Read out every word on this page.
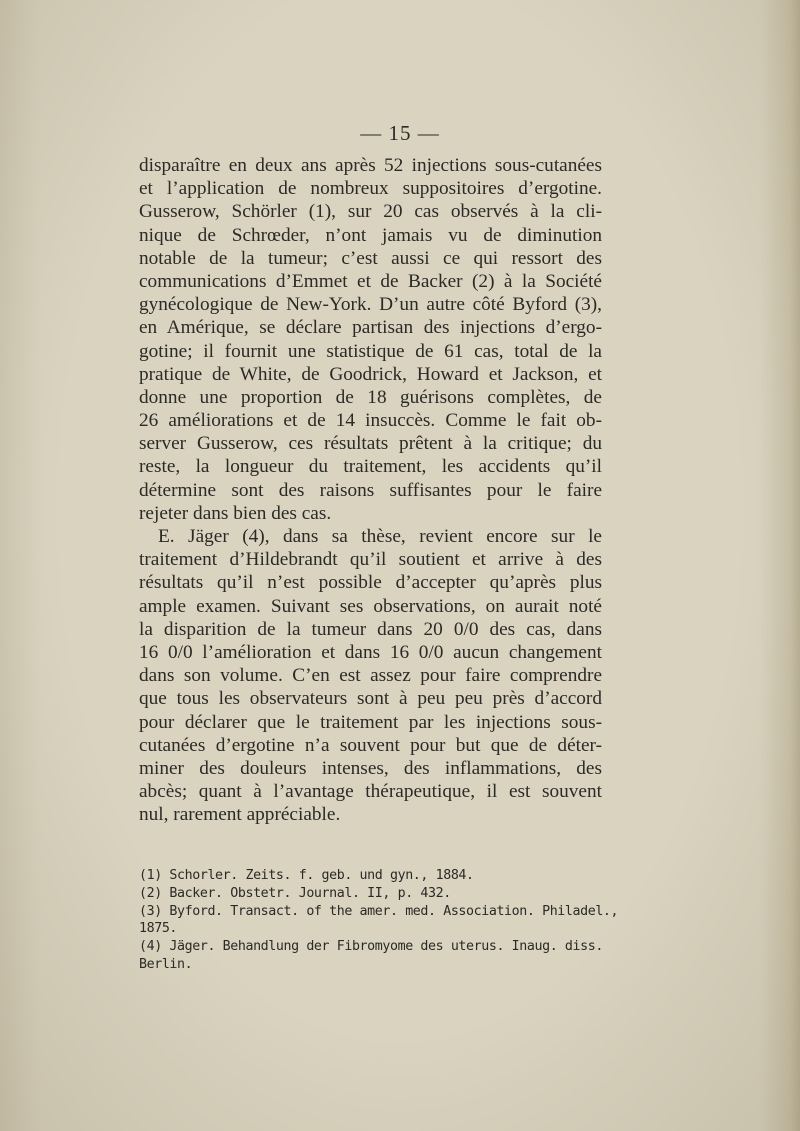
— 15 —

disparaître en deux ans après 52 injections sous-cutanées
et l’application de nombreux suppositoires d’ergotine.
Gusserow, Schörler (1), sur 20 cas observés à la cli-
nique de Schrœder, n’ont jamais vu de diminution
notable de la tumeur; c’est aussi ce qui ressort des
communications d’Emmet et de Backer (2) à la Société
gynécologique de New-York. D’un autre côté Byford (3),
en Amérique, se déclare partisan des injections d’ergo-
gotine; il fournit une statistique de 61 cas, total de la
pratique de White, de Goodrick, Howard et Jackson, et
donne une proportion de 18 guérisons complètes, de
26 améliorations et de 14 insuccès. Comme le fait ob-
server Gusserow, ces résultats prêtent à la critique; du
reste, la longueur du traitement, les accidents qu’il
détermine sont des raisons suffisantes pour le faire
rejeter dans bien des cas.

E. Jäger (4), dans sa thèse, revient encore sur le
traitement d’Hildebrandt qu’il soutient et arrive à des
résultats qu’il n’est possible d’accepter qu’après plus
ample examen. Suivant ses observations, on aurait noté
la disparition de la tumeur dans 20 0/0 des cas, dans
16 0/0 l’amélioration et dans 16 0/0 aucun changement
dans son volume. C’en est assez pour faire comprendre
que tous les observateurs sont à peu peu près d’accord
pour déclarer que le traitement par les injections sous-
cutanées d’ergotine n’a souvent pour but que de déter-
miner des douleurs intenses, des inflammations, des
abcès; quant à l’avantage thérapeutique, il est souvent
nul, rarement appréciable.

(1) Schorler. Zeits. f. geb. und gyn., 1884.
(2) Backer. Obstetr. Journal. II, p. 432.
(3) Byford. Transact. of the amer. med. Association. Philadel.,
1875.
(4) Jäger. Behandlung der Fibromyome des uterus. Inaug. diss.
Berlin.
